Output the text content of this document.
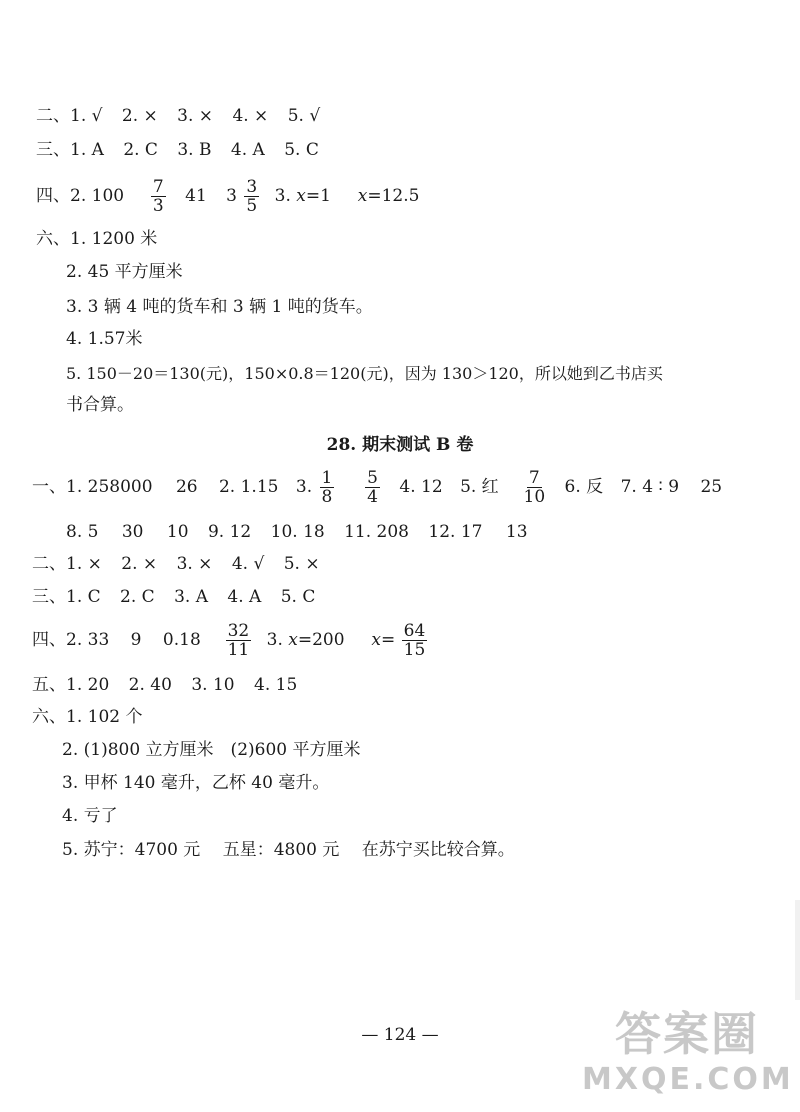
二、1. √ 2. × 3. × 4. × 5. √
三、1. A 2. C 3. B 4. A 5. C
四、2. $100 \frac{7}{3} 41$ $3 \frac{3}{5} 3$. x=1 x=12.5
六、1. 1200 米
2. 45 平方厘米
3. 3 辆 4 吨的货车和 3 辆 1 吨的货车。
4. 1.57米
5. 150－20＝130(元)，150×0.8＝120(元)，因为 130＞120，所以她到乙书店买
书合算。
28. 期末测试 B 卷
一、1. 258000 26 2. 1.15 3. $\frac{1}{8}$
$\frac{5}{4} 4$. 12 5. 红 $\frac{7}{10} 6$. 反 7. 4 ∶ 9 25
8. 5 30 10 9. 12 10. 18 11. 208 12. 17 13
二、1. × 2. × 3. × 4. √ 5. ×
三、1. C 2. C 3. A 4. A 5. C
四、2. 33 9 $0.18 \frac{32}{11} 3$. x=200 $x= \frac{64}{15}$
五、1. 20 2. 40 3. 10 4. 15
六、1. 102 个
2. (1)800 立方厘米　(2)600 平方厘米
3. 甲杯 140 毫升，乙杯 40 毫升。
4. 亏了
5. 苏宁：4700 元　 五星：4800 元　 在苏宁买比较合算。
— 124 —	答案圈
MXQE.COM
